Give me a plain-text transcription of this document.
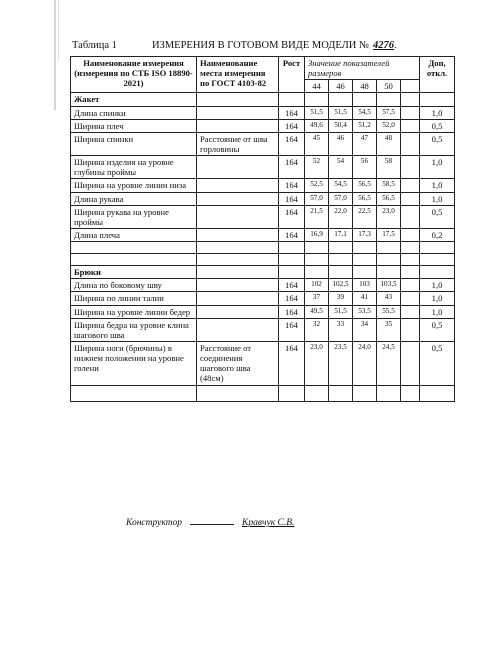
Таблица 1	ИЗМЕРЕНИЯ В ГОТОВОМ ВИДЕ МОДЕЛИ № 4276.
Наименование измерения (измерения по СТБ ISO 18890-2021)	Наименование места измерения по ГОСТ 4103-82	Рост	Значение показателей размеров					Доп, откл.
			44	46	48	50		
Жакет								
Длина спинки		164	51,5	51,5	54,5	57,5		1,0
Ширина плеч		164	49,6	50,4	51,2	52,0		0,5
Ширина спинки	Расстояние от шва горловины	164	45	46	47	48		0,5
Ширина изделия на уровне глубины проймы		164	52	54	56	58		1,0
Ширина на уровне линии низа		164	52,5	54,5	56,5	58,5		1,0
Длина рукава		164	57,0	57,0	56,5	56,5		1,0
Ширина рукава на уровне проймы		164	21,5	22,0	22,5	23,0		0,5
Длина плеча		164	16,9	17,1	17,3	17,5		0,2

Брюки								
Длина по боковому шву		164	102	102,5	103	103,5		1,0
Ширина по линии талии		164	37	39	41	43		1,0
Ширина на уровне линии бедер		164	49,5	51,5	53,5	55,5		1,0
Ширина бедра на уровне клина шагового шва		164	32	33	34	35		0,5
Ширина ноги (брючины) в нижнем положении на уровне голени	Расстояние от соединения шагового шва (48см)	164	23,0	23,5	24,0	24,5		0,5

Конструктор	Кравчук С.В.
